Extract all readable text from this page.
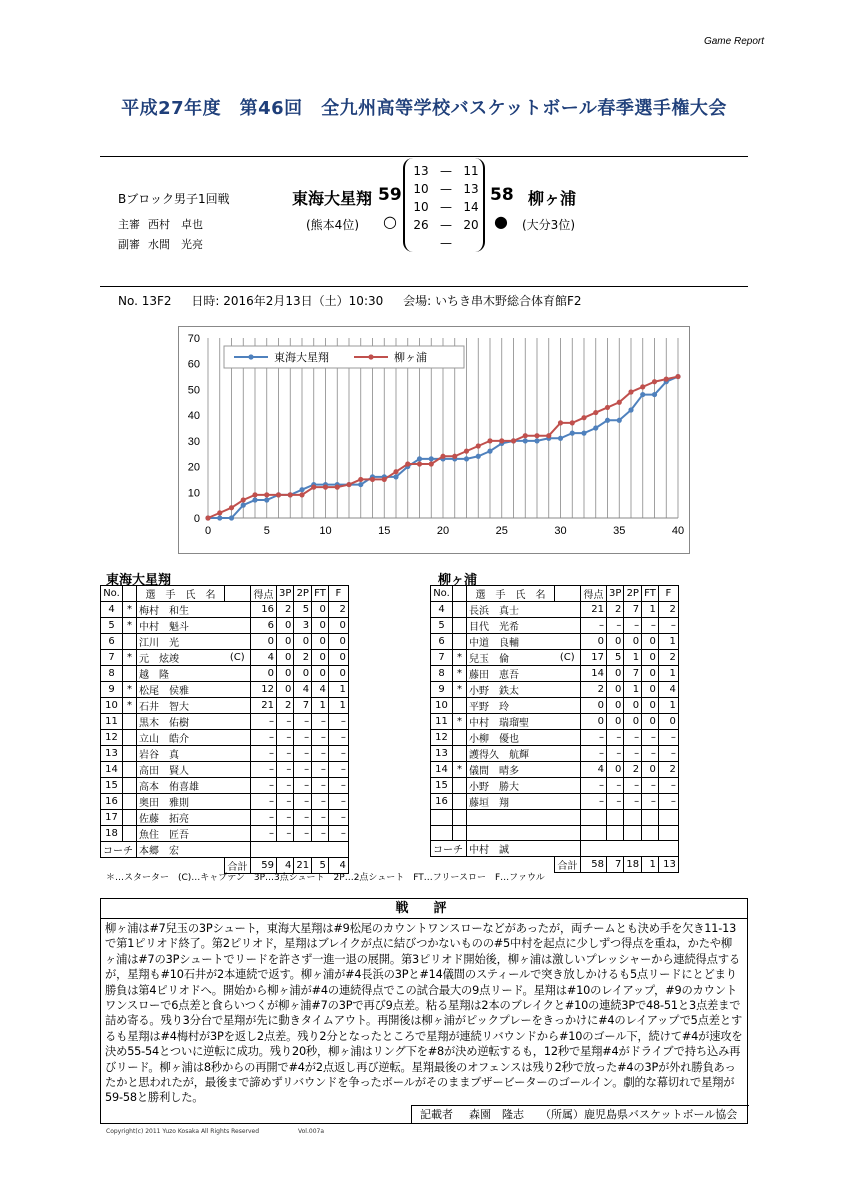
Game Report
平成27年度　第46回　全九州高等学校バスケットボール春季選手権大会
Bブロック男子1回戦
主審 西村　卓也
副審 水間　光亮
東海大星翔 59	58 柳ヶ浦
(熊本4位) ○	● (大分3位)
13 — 11
10 — 13
10 — 14
26 — 20
—
No. 13F2 日時: 2016年2月13日（土）10:30 会場: いちき串木野総合体育館F2
0
10
20
30
40
50
60
70
0	5	10	15	20	25	30	35	40
東海大星翔	柳ヶ浦
東海大星翔	柳ヶ浦
No.		選　手　氏　名		得点	3P	2P	FT	F
4	*	梅村　和生		16	2	5	0	2
5	*	中村　魁斗		6	0	3	0	0
6		江川　光		0	0	0	0	0
7	*	元　炫竣	(C)	4	0	2	0	0
8		越　隆		0	0	0	0	0
9	*	松尾　侯雅		12	0	4	4	1
10	*	石井　智大		21	2	7	1	1
11		黒木　佑樹		–	–	–	–	–
12		立山　皓介		–	–	–	–	–
13		岩谷　真		–	–	–	–	–
14		高田　賢人		–	–	–	–	–
15		高本　侑喜雄		–	–	–	–	–
16		奥田　雅則		–	–	–	–	–
17		佐藤　拓亮		–	–	–	–	–
18		魚住　匠吾		–	–	–	–	–
コーチ		本郷　宏						
			合計	59	4	21	5	4
No.		選　手　氏　名		得点	3P	2P	FT	F
4		長浜　真士		21	2	7	1	2
5		目代　光希		–	–	–	–	–
6		中道　良輔		0	0	0	0	1
7	*	兒玉　倫	(C)	17	5	1	0	2
8	*	藤田　恵吾		14	0	7	0	1
9	*	小野　鉄太		2	0	1	0	4
10		平野　玲		0	0	0	0	1
11	*	中村　瑞瑠聖		0	0	0	0	0
12		小柳　優也		–	–	–	–	–
13		護得久　航輝		–	–	–	–	–
14	*	儀間　晴多		4	0	2	0	2
15		小野　勝大		–	–	–	–	–
16		藤垣　翔		–	–	–	–	–

コーチ		中村　誠						
			合計	58	7	18	1	13
＊…スターター　(C)…キャプテン　3P…3点シュート　2P…2点シュート　FT…フリースロー　F…ファウル
戦　評
柳ヶ浦は#7兒玉の3Pシュート，東海大星翔は#9松尾のカウントワンスローなどがあったが，両チームとも決め手を欠き11-13で第1ピリオド終了。第2ピリオド，星翔はブレイクが点に結びつかないものの#5中村を起点に少しずつ得点を重ね，かたや柳ヶ浦は#7の3Pシュートでリードを許さず一進一退の展開。第3ピリオド開始後，柳ヶ浦は激しいプレッシャーから連続得点するが，星翔も#10石井が2本連続で返す。柳ヶ浦が#4長浜の3Pと#14儀間のスティールで突き放しかけるも5点リードにとどまり勝負は第4ピリオドへ。開始から柳ヶ浦が#4の連続得点でこの試合最大の9点リード。星翔は#10のレイアップ，#9のカウントワンスローで6点差と食らいつくが柳ヶ浦#7の3Pで再び9点差。粘る星翔は2本のブレイクと#10の連続3Pで48-51と3点差まで詰め寄る。残り3分台で星翔が先に動きタイムアウト。再開後は柳ヶ浦がピックプレーをきっかけに#4のレイアップで5点差とするも星翔は#4梅村が3Pを返し2点差。残り2分となったところで星翔が連続リバウンドから#10のゴール下，続けて#4が速攻を決め55-54とついに逆転に成功。残り20秒，柳ヶ浦はリング下を#8が決め逆転するも，12秒で星翔#4がドライブで持ち込み再びリード。柳ヶ浦は8秒からの再開で#4が2点返し再び逆転。星翔最後のオフェンスは残り2秒で放った#4の3Pが外れ勝負あったかと思われたが，最後まで諦めずリバウンドを争ったボールがそのままブザービーターのゴールイン。劇的な幕切れで星翔が59-58と勝利した。
記載者	森園　隆志	（所属）鹿児島県バスケットボール協会
Copyright(c) 2011 Yuzo Kosaka All Rights Reserved	Vol.007a
